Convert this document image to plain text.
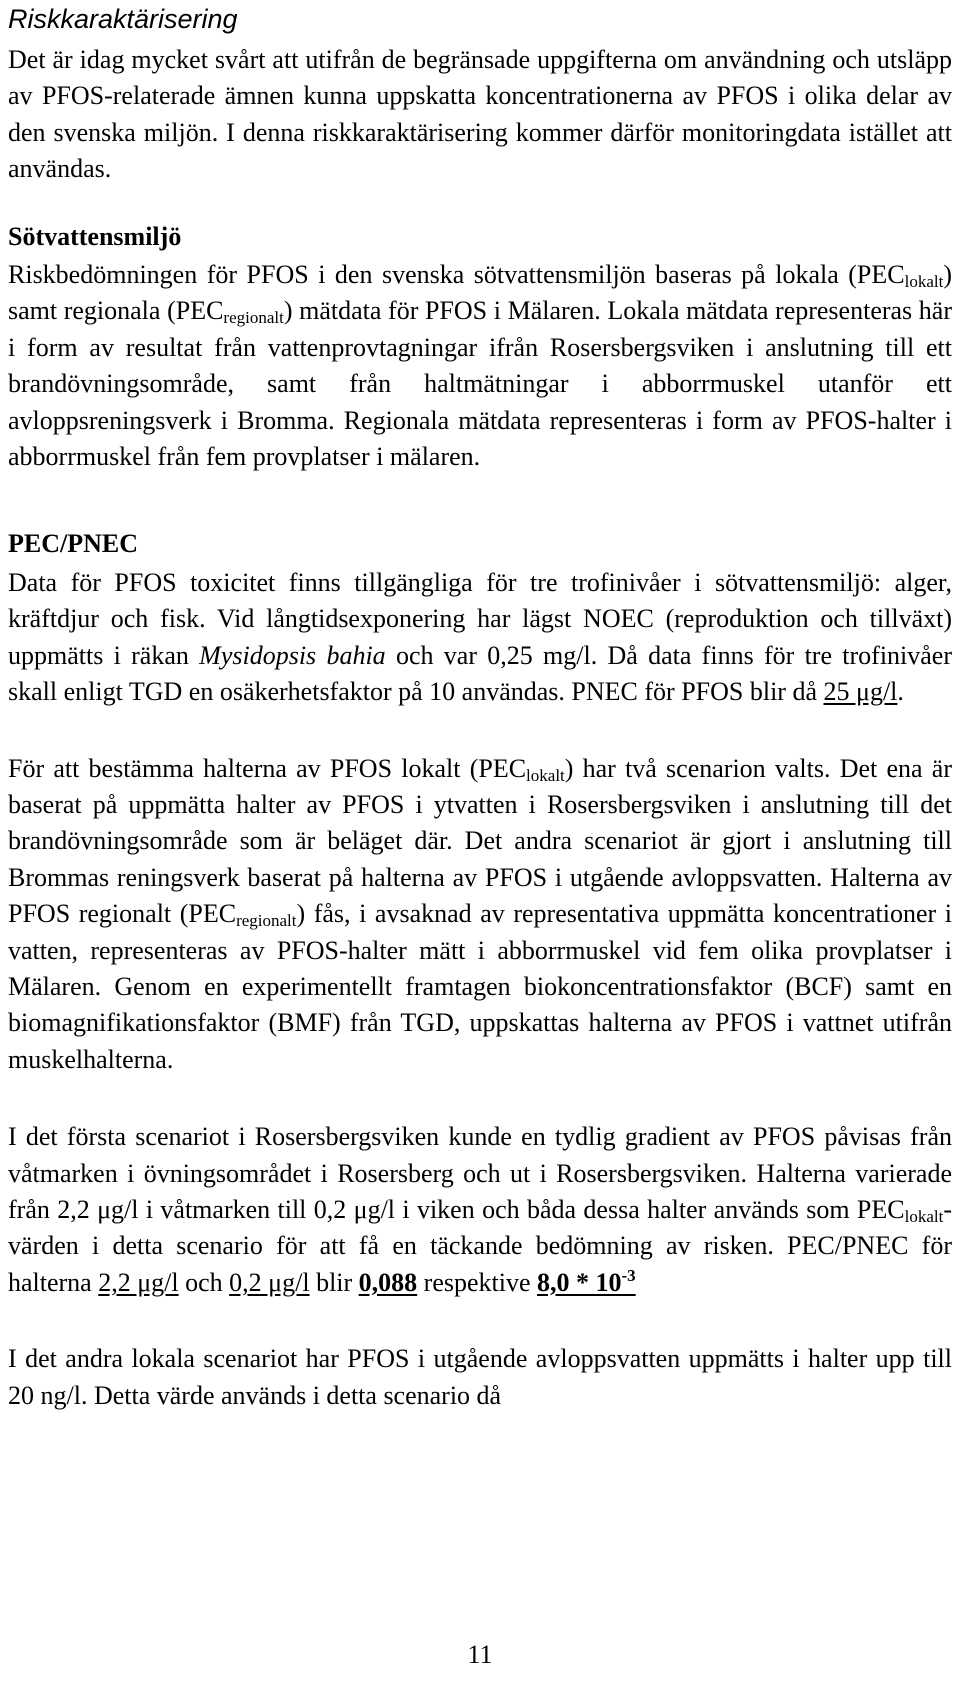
Riskkaraktärisering

Det är idag mycket svårt att utifrån de begränsade uppgifterna om användning och utsläpp av PFOS-relaterade ämnen kunna uppskatta koncentrationerna av PFOS i olika delar av den svenska miljön. I denna riskkaraktärisering kommer därför monitoringdata istället att användas.

Sötvattensmiljö

Riskbedömningen för PFOS i den svenska sötvattensmiljön baseras på lokala $(PEC_{lokalt})$ samt regionala $(PEC_{regionalt})$ mätdata för PFOS i Mälaren. Lokala mätdata representeras här i form av resultat från vattenprovtagningar ifrån Rosersbergsviken i anslutning till ett brandövningsområde, samt från haltmätningar i abborrmuskel utanför ett avloppsreningsverk i Bromma. Regionala mätdata representeras i form av PFOS-halter i abborrmuskel från fem provplatser i mälaren.

PEC/PNEC

Data för PFOS toxicitet finns tillgängliga för tre trofinivåer i sötvattensmiljö: alger, kräftdjur och fisk. Vid långtidsexponering har lägst NOEC (reproduktion och tillväxt) uppmätts i räkan Mysidopsis bahia och var 0,25 mg/l. Då data finns för tre trofinivåer skall enligt TGD en osäkerhetsfaktor på 10 användas. PNEC för PFOS blir då 25 μg/l.

För att bestämma halterna av PFOS lokalt $(PEC_{lokalt})$ har två scenarion valts. Det ena är baserat på uppmätta halter av PFOS i ytvatten i Rosersbergsviken i anslutning till det brandövningsområde som är beläget där. Det andra scenariot är gjort i anslutning till Brommas reningsverk baserat på halterna av PFOS i utgående avloppsvatten. Halterna av PFOS regionalt $(PEC_{regionalt})$ fås, i avsaknad av representativa uppmätta koncentrationer i vatten, representeras av PFOS-halter mätt i abborrmuskel vid fem olika provplatser i Mälaren. Genom en experimentellt framtagen biokoncentrationsfaktor (BCF) samt en biomagnifikationsfaktor (BMF) från TGD, uppskattas halterna av PFOS i vattnet utifrån muskelhalterna.

I det första scenariot i Rosersbergsviken kunde en tydlig gradient av PFOS påvisas från våtmarken i övningsområdet i Rosersberg och ut i Rosersbergsviken. Halterna varierade från 2,2 μg/l i våtmarken till 0,2 μg/l i viken och båda dessa halter används som $PEC_{lokalt}$-värden i detta scenario för att få en täckande bedömning av risken. PEC/PNEC för halterna 2,2 μg/l och 0,2 μg/l blir 0,088 respektive $8,0 * 10^{-3}$

I det andra lokala scenariot har PFOS i utgående avloppsvatten uppmätts i halter upp till 20 ng/l. Detta värde används i detta scenario då

11
